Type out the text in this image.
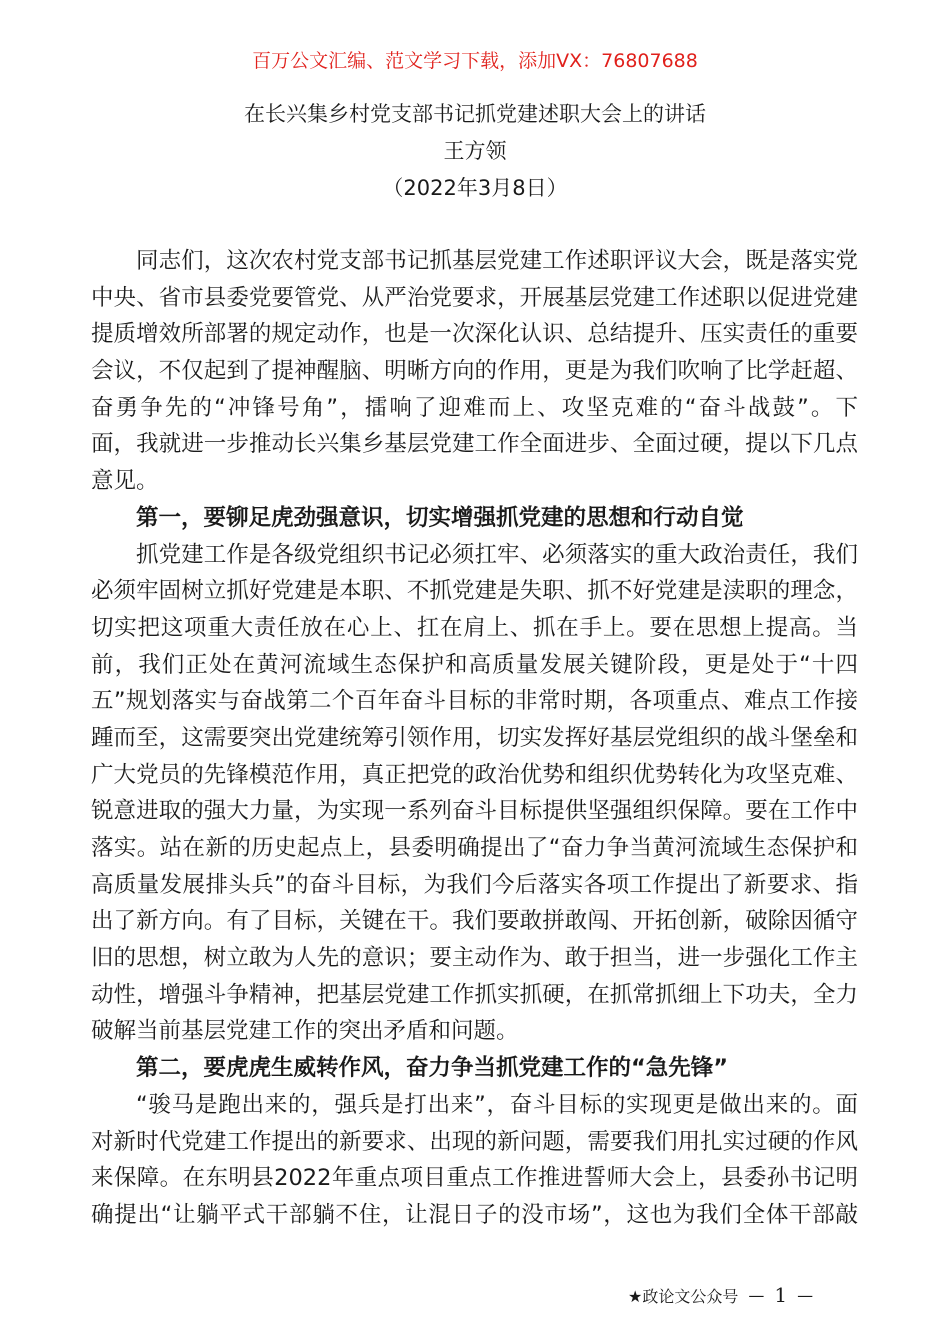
百万公文汇编、范文学习下载，添加VX：76807688
在长兴集乡村党支部书记抓党建述职大会上的讲话
王方领
（2022年3月8日）
同志们，这次农村党支部书记抓基层党建工作述职评议大会，既是落实党
中央、省市县委党要管党、从严治党要求，开展基层党建工作述职以促进党建
提质增效所部署的规定动作，也是一次深化认识、总结提升、压实责任的重要
会议，不仅起到了提神醒脑、明晰方向的作用，更是为我们吹响了比学赶超、
奋勇争先的“冲锋号角”，擂响了迎难而上、攻坚克难的“奋斗战鼓”。下
面，我就进一步推动长兴集乡基层党建工作全面进步、全面过硬，提以下几点
意见。
第一，要铆足虎劲强意识，切实增强抓党建的思想和行动自觉
抓党建工作是各级党组织书记必须扛牢、必须落实的重大政治责任，我们
必须牢固树立抓好党建是本职、不抓党建是失职、抓不好党建是渎职的理念，
切实把这项重大责任放在心上、扛在肩上、抓在手上。要在思想上提高。当
前，我们正处在黄河流域生态保护和高质量发展关键阶段，更是处于“十四
五”规划落实与奋战第二个百年奋斗目标的非常时期，各项重点、难点工作接
踵而至，这需要突出党建统筹引领作用，切实发挥好基层党组织的战斗堡垒和
广大党员的先锋模范作用，真正把党的政治优势和组织优势转化为攻坚克难、
锐意进取的强大力量，为实现一系列奋斗目标提供坚强组织保障。要在工作中
落实。站在新的历史起点上，县委明确提出了“奋力争当黄河流域生态保护和
高质量发展排头兵”的奋斗目标，为我们今后落实各项工作提出了新要求、指
出了新方向。有了目标，关键在干。我们要敢拼敢闯、开拓创新，破除因循守
旧的思想，树立敢为人先的意识；要主动作为、敢于担当，进一步强化工作主
动性，增强斗争精神，把基层党建工作抓实抓硬，在抓常抓细上下功夫，全力
破解当前基层党建工作的突出矛盾和问题。
第二，要虎虎生威转作风，奋力争当抓党建工作的“急先锋”
“骏马是跑出来的，强兵是打出来”，奋斗目标的实现更是做出来的。面
对新时代党建工作提出的新要求、出现的新问题，需要我们用扎实过硬的作风
来保障。在东明县2022年重点项目重点工作推进誓师大会上，县委孙书记明
确提出“让躺平式干部躺不住，让混日子的没市场”，这也为我们全体干部敲
★政论文公众号 — 1 —
